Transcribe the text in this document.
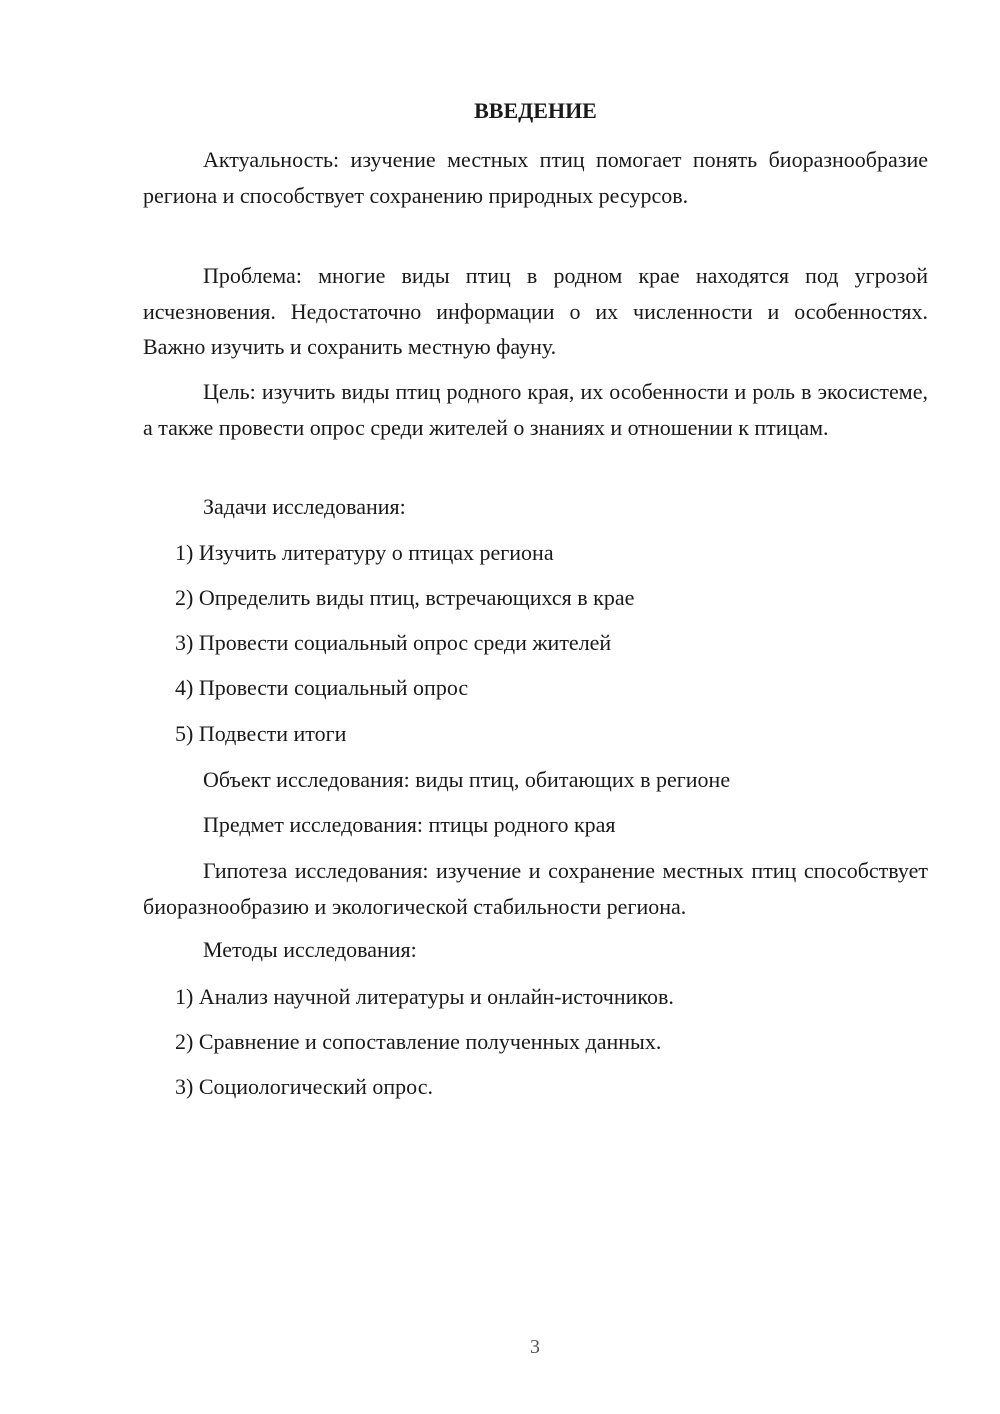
ВВЕДЕНИЕ

Актуальность: изучение местных птиц помогает понять биоразнообразие региона и способствует сохранению природных ресурсов.

Проблема: многие виды птиц в родном крае находятся под угрозой исчезновения. Недостаточно информации о их численности и особенностях. Важно изучить и сохранить местную фауну.

Цель: изучить виды птиц родного края, их особенности и роль в экосистеме, а также провести опрос среди жителей о знаниях и отношении к птицам.

Задачи исследования:
1) Изучить литературу о птицах региона
2) Определить виды птиц, встречающихся в крае
3) Провести социальный опрос среди жителей
4) Провести социальный опрос
5) Подвести итоги
Объект исследования: виды птиц, обитающих в регионе
Предмет исследования: птицы родного края

Гипотеза исследования: изучение и сохранение местных птиц способствует биоразнообразию и экологической стабильности региона.

Методы исследования:
1) Анализ научной литературы и онлайн-источников.
2) Сравнение и сопоставление полученных данных.
3) Социологический опрос.
3
